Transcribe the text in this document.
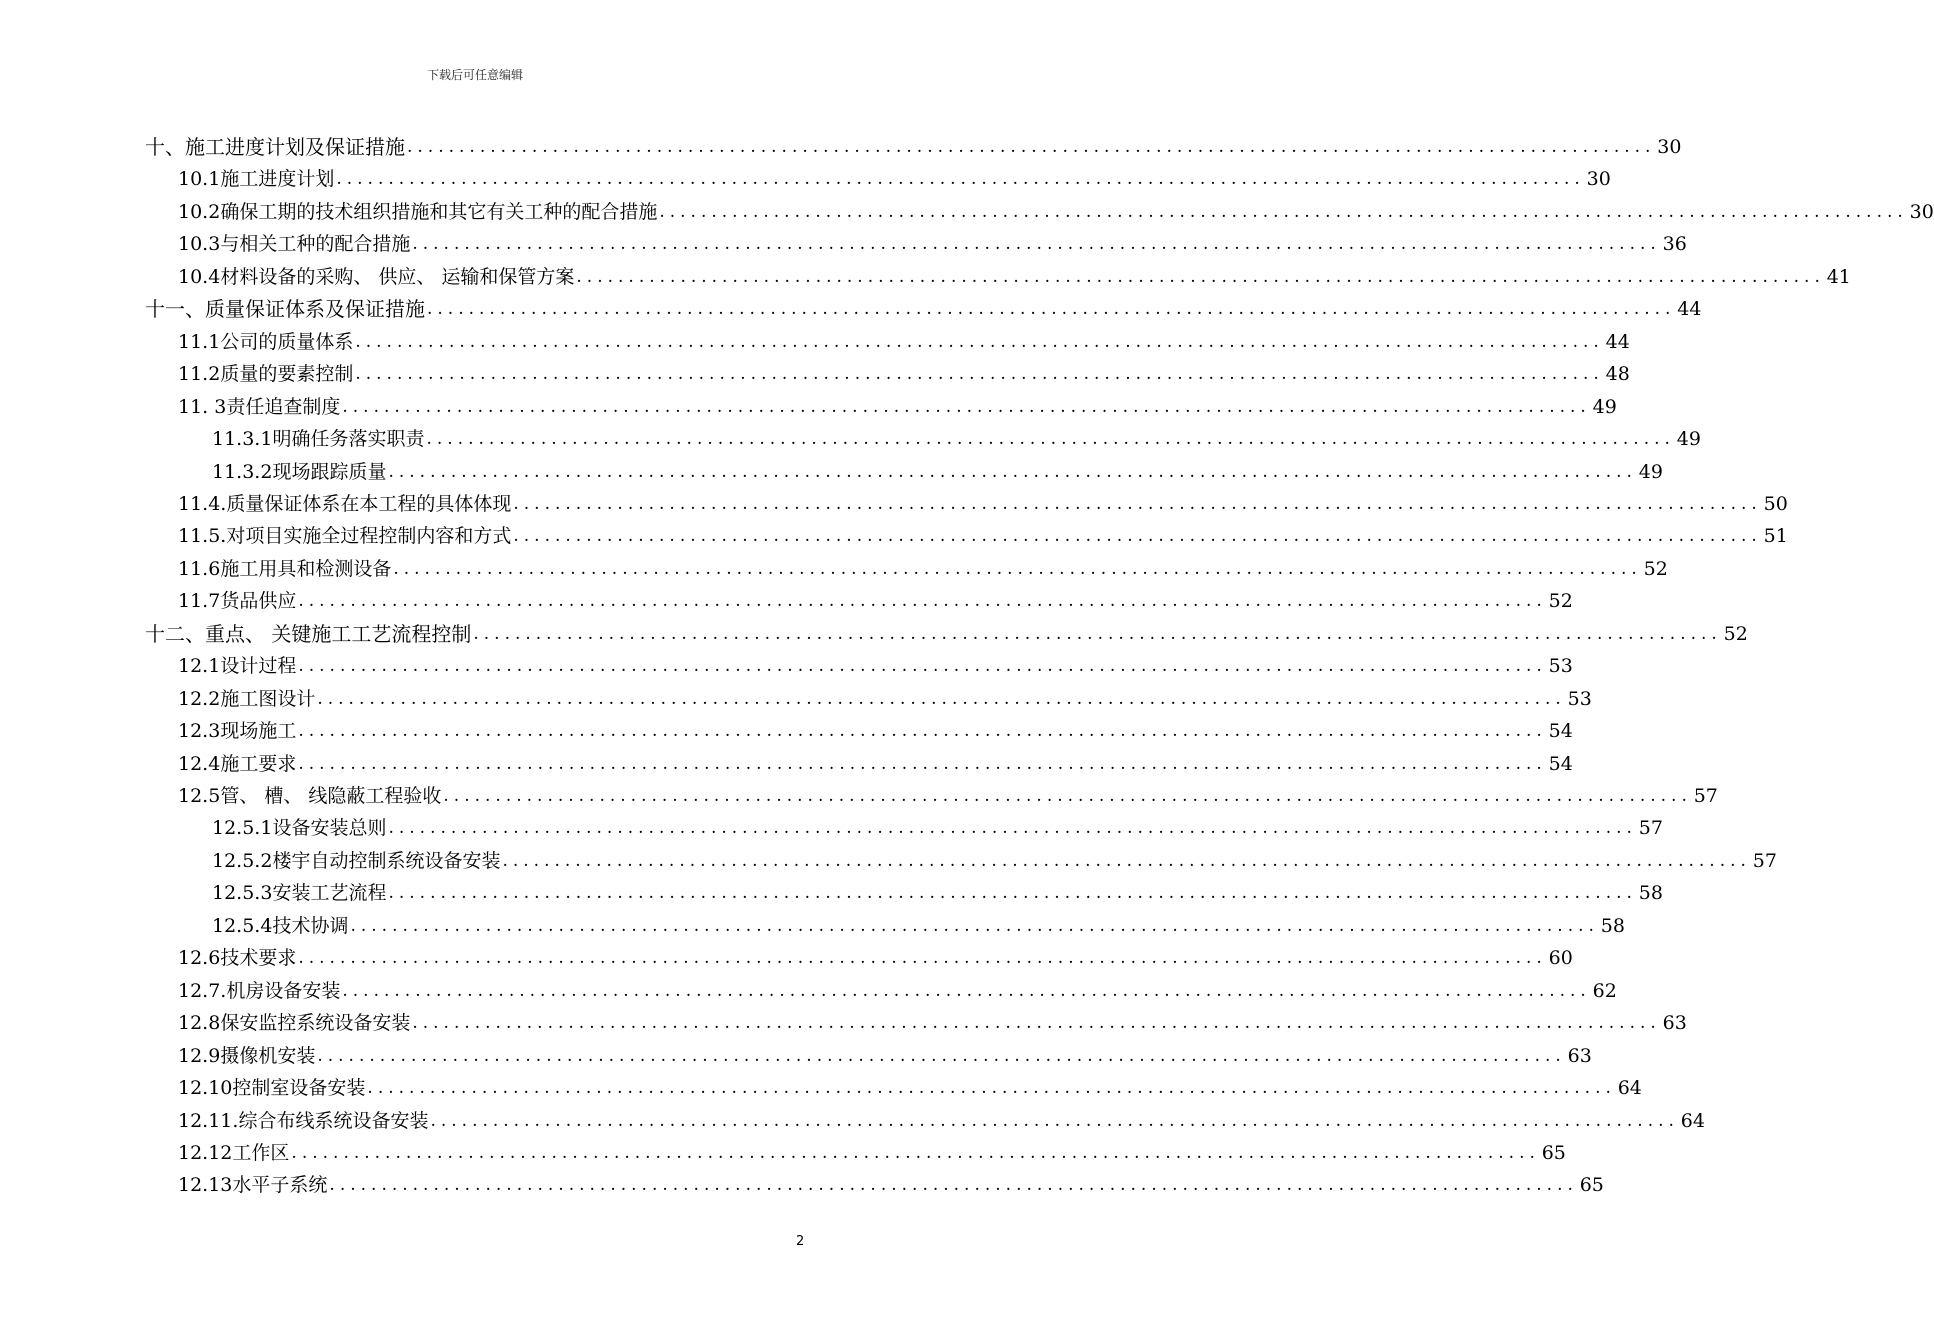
下载后可任意编辑
十、 施工进度计划及保证措施 ........................................................................................................................ 30
10.1 施工进度计划 ........................................................................................................................ 30
10.2 确保工期的技术组织措施和其它有关工种的配合措施 ........................................................................................................................ 30
10.3 与相关工种的配合措施 ........................................................................................................................ 36
10.4 材料设备的采购、 供应、 运输和保管方案 ........................................................................................................................ 41
十一、 质量保证体系及保证措施 ........................................................................................................................ 44
11.1 公司的质量体系 ........................................................................................................................ 44
11.2 质量的要素控制 ........................................................................................................................ 48
11. 3 责任追查制度 ........................................................................................................................ 49
11.3.1 明确任务落实职责 ........................................................................................................................ 49
11.3.2 现场跟踪质量 ........................................................................................................................ 49
11.4. 质量保证体系在本工程的具体体现 ........................................................................................................................ 50
11.5. 对项目实施全过程控制内容和方式 ........................................................................................................................ 51
11.6 施工用具和检测设备 ........................................................................................................................ 52
11.7 货品供应 ........................................................................................................................ 52
十二、 重点、 关键施工工艺流程控制 ........................................................................................................................ 52
12.1 设计过程 ........................................................................................................................ 53
12.2 施工图设计 ........................................................................................................................ 53
12.3 现场施工 ........................................................................................................................ 54
12.4 施工要求 ........................................................................................................................ 54
12.5 管、 槽、 线隐蔽工程验收 ........................................................................................................................ 57
12.5.1 设备安装总则 ........................................................................................................................ 57
12.5.2 楼宇自动控制系统设备安装 ........................................................................................................................ 57
12.5.3 安装工艺流程 ........................................................................................................................ 58
12.5.4 技术协调 ........................................................................................................................ 58
12.6 技术要求 ........................................................................................................................ 60
12.7. 机房设备安装 ........................................................................................................................ 62
12.8 保安监控系统设备安装 ........................................................................................................................ 63
12.9 摄像机安装 ........................................................................................................................ 63
12.10 控制室设备安装 ........................................................................................................................ 64
12.11. 综合布线系统设备安装 ........................................................................................................................ 64
12.12 工作区 ........................................................................................................................ 65
12.13 水平子系统 ........................................................................................................................ 65
2
